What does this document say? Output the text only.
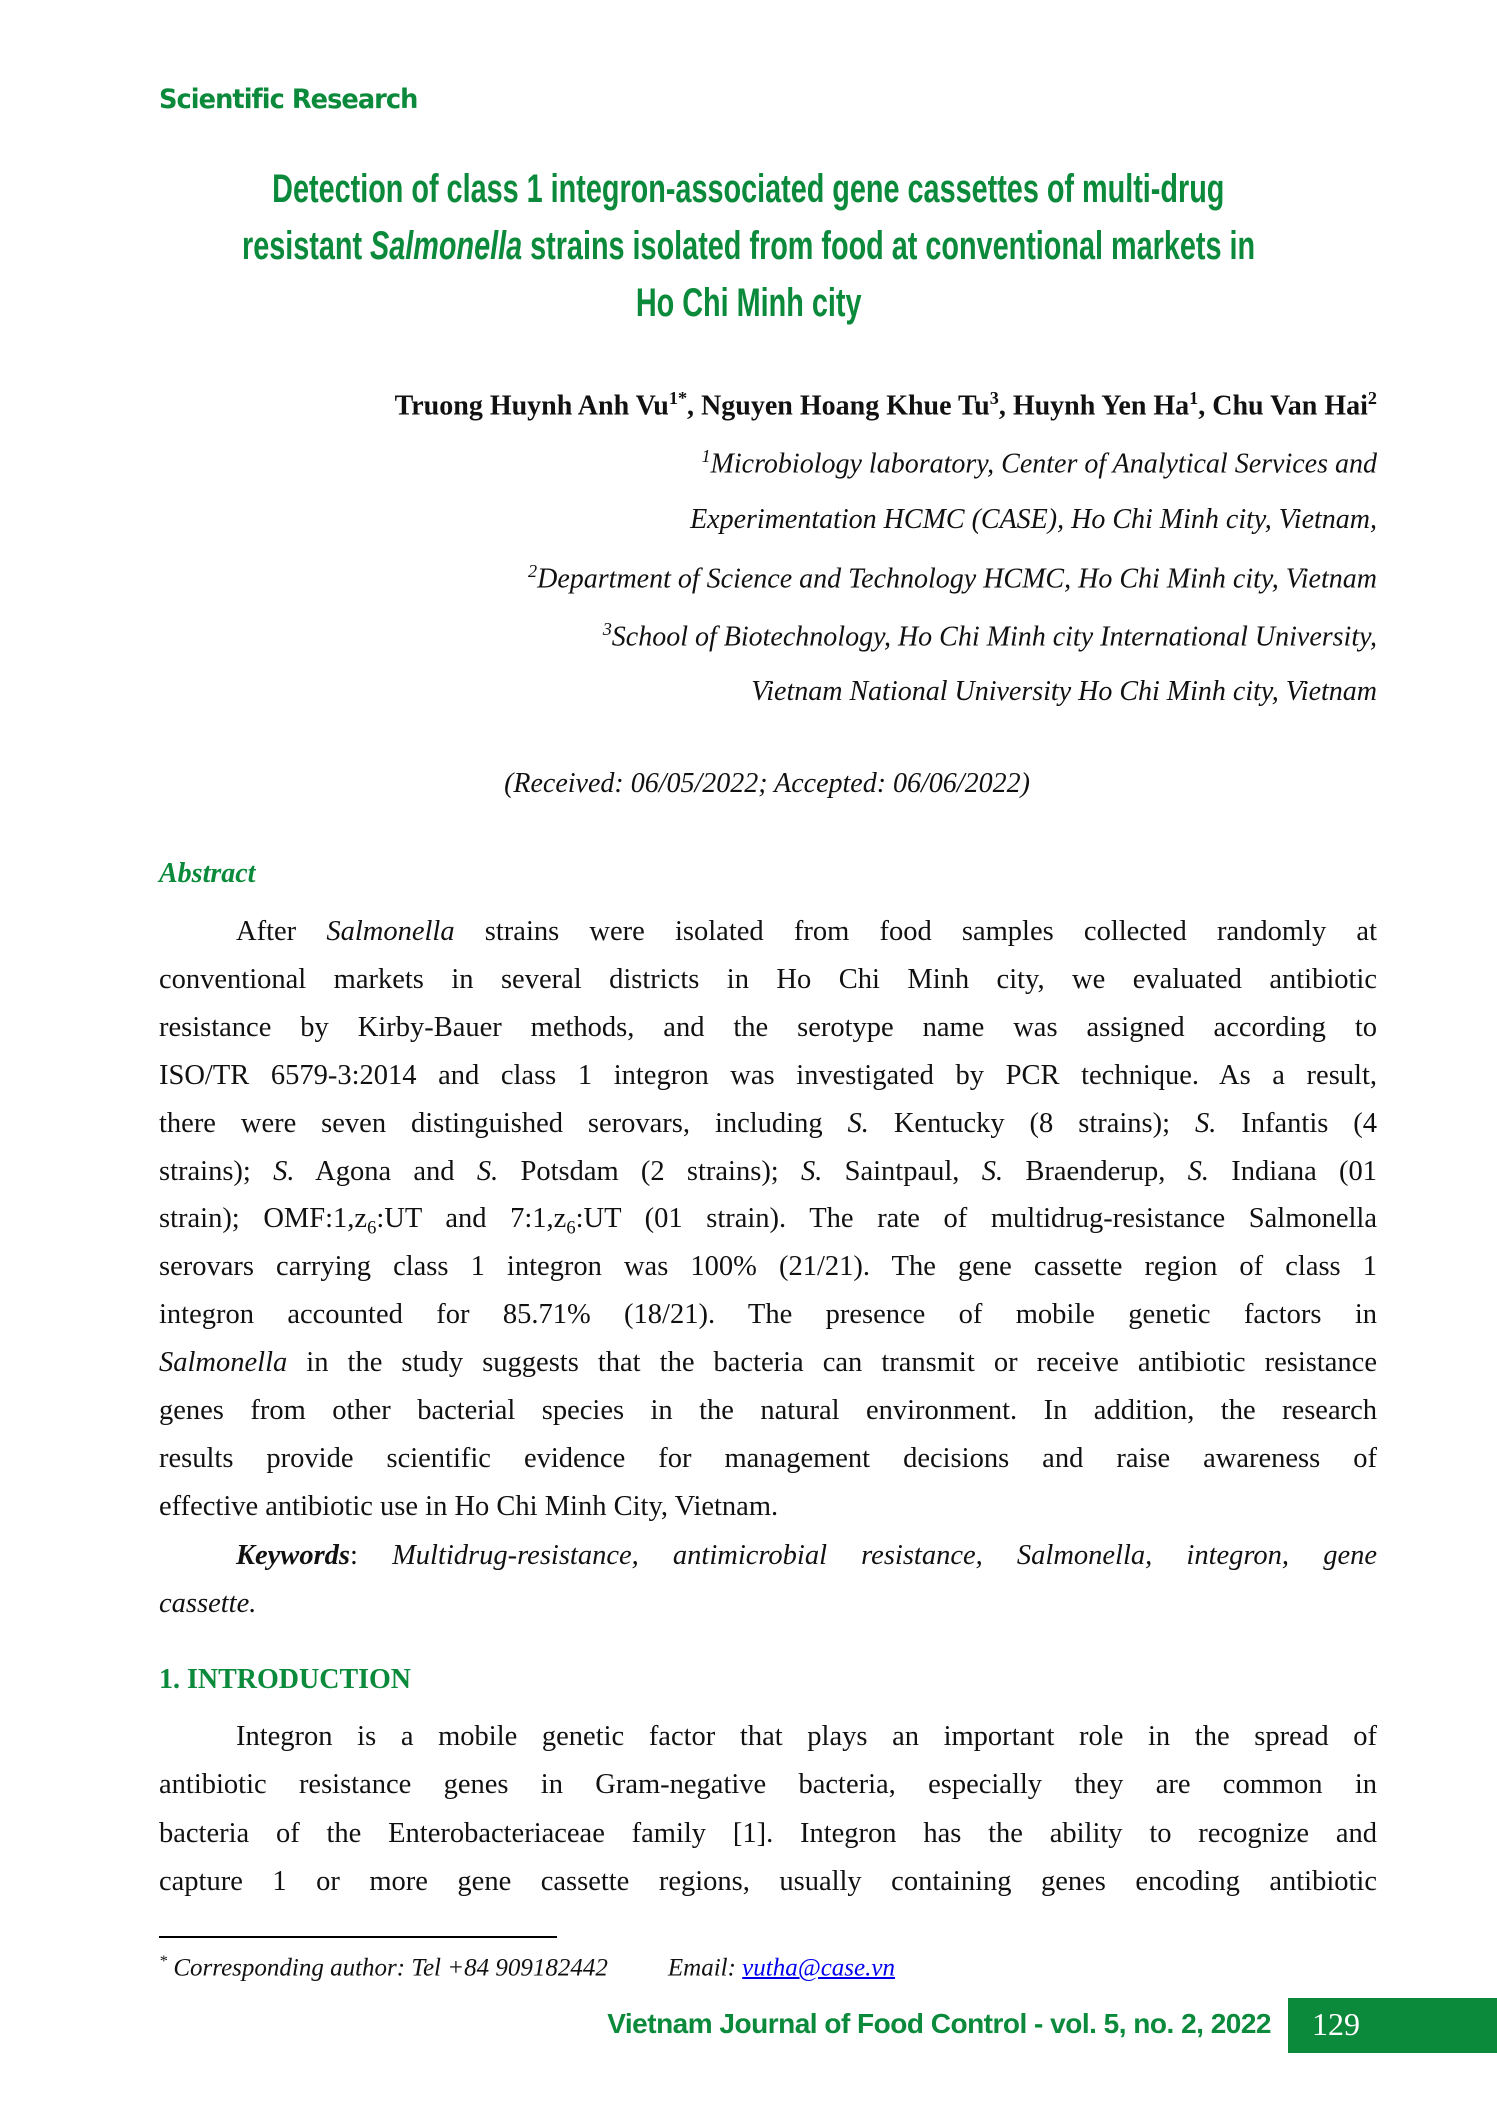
Scientific Research
Detection of class 1 integron-associated gene cassettes of multi-drug
resistant Salmonella strains isolated from food at conventional markets in
Ho Chi Minh city
Truong Huynh Anh $Vu^{1*}$, Nguyen Hoang Khue Tu$^3$, Huynh Yen Ha$^1$, Chu Van Hai$^2$
$^1$Microbiology laboratory, Center of Analytical Services and
Experimentation HCMC (CASE), Ho Chi Minh city, Vietnam,
$^2$Department of Science and Technology HCMC, Ho Chi Minh city, Vietnam
$^3$School of Biotechnology, Ho Chi Minh city International University,
Vietnam National University Ho Chi Minh city, Vietnam
(Received: 06/05/2022; Accepted: 06/06/2022)
Abstract
After Salmonella strains were isolated from food samples collected randomly at
conventional markets in several districts in Ho Chi Minh city, we evaluated antibiotic
resistance by Kirby-Bauer methods, and the serotype name was assigned according to
ISO/TR 6579-3:2014 and class 1 integron was investigated by PCR technique. As a result,
there were seven distinguished serovars, including S. Kentucky (8 strains); S. Infantis (4
strains); S. Agona and S. Potsdam (2 strains); S. Saintpaul, S. Braenderup, S. Indiana (01
strain); $OMF:1,z_6:UT$ and $7:1,z_6:UT$ (01 strain). The rate of multidrug-resistance Salmonella
serovars carrying class 1 integron was 100% (21/21). The gene cassette region of class 1
integron accounted for 85.71% (18/21). The presence of mobile genetic factors in
Salmonella in the study suggests that the bacteria can transmit or receive antibiotic resistance
genes from other bacterial species in the natural environment. In addition, the research
results provide scientific evidence for management decisions and raise awareness of
effective antibiotic use in Ho Chi Minh City, Vietnam.
Keywords: Multidrug-resistance, antimicrobial resistance, Salmonella, integron, gene
cassette.
1. INTRODUCTION
Integron is a mobile genetic factor that plays an important role in the spread of
antibiotic resistance genes in Gram-negative bacteria, especially they are common in
bacteria of the Enterobacteriaceae family [1]. Integron has the ability to recognize and
capture 1 or more gene cassette regions, usually containing genes encoding antibiotic
* Corresponding author: Tel +84 909182442 Email: vutha@case.vn
Vietnam Journal of Food Control - vol. 5, no. 2, 2022 129
